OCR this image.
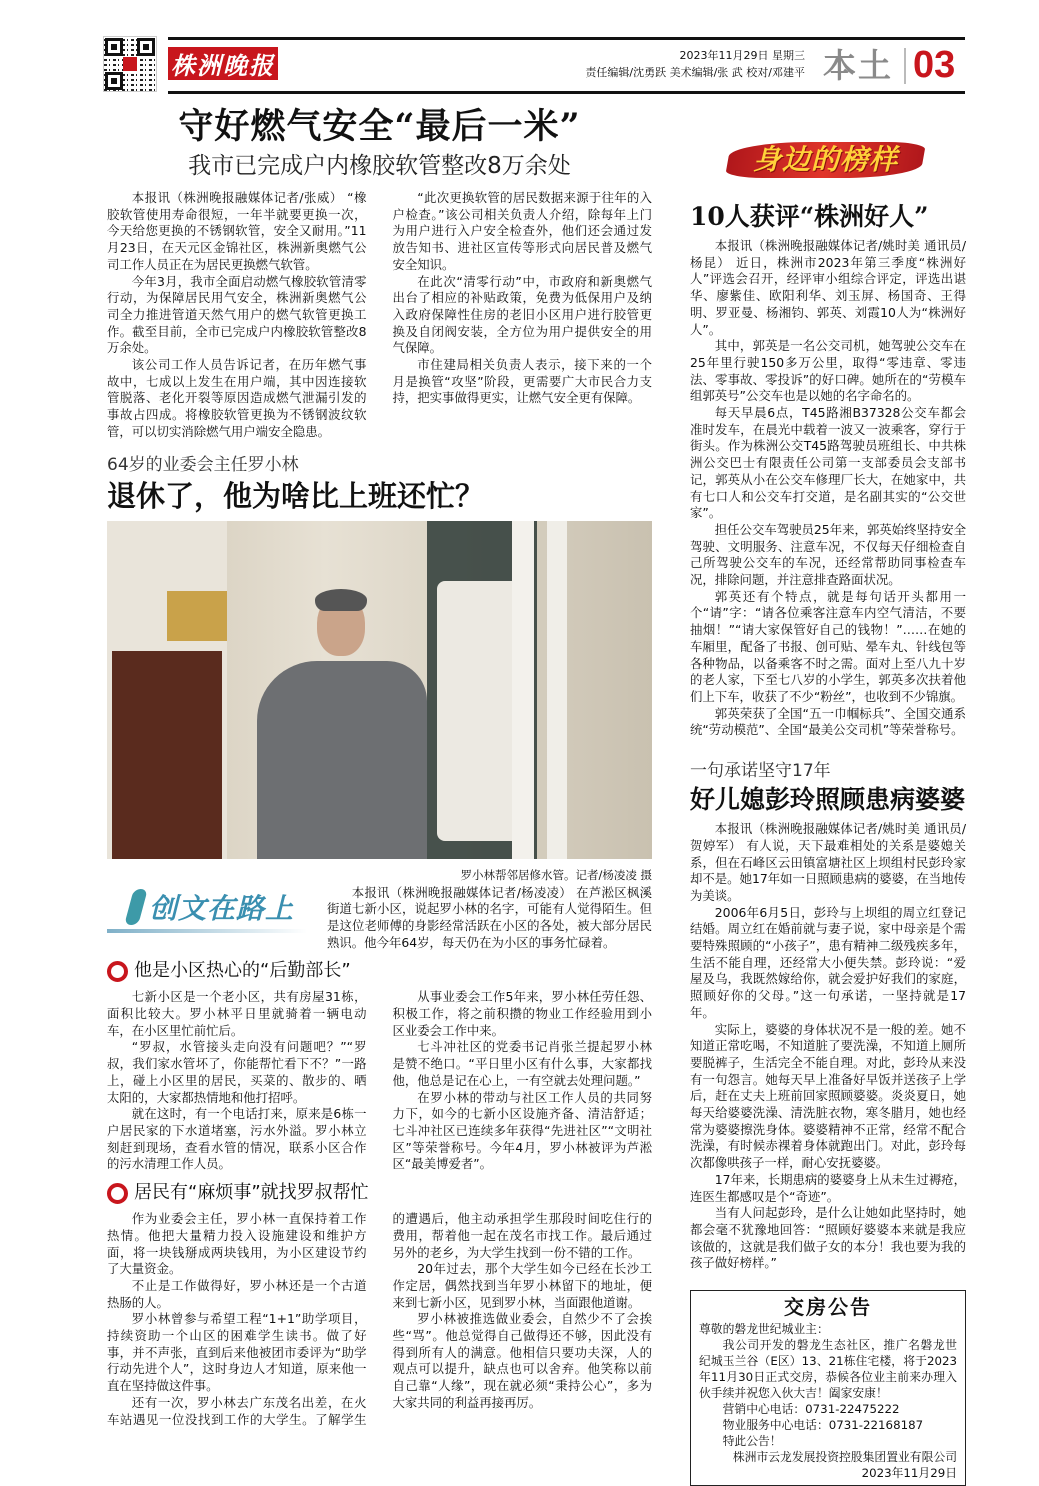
株洲晚报	2023年11月29日 星期三
责任编辑/沈勇跃 美术编辑/张 武 校对/邓建平 本土 03
守好燃气安全“最后一米”
我市已完成户内橡胶软管整改8万余处

本报讯（株洲晚报融媒体记者/张威） “橡胶软管使用寿命很短，一年半就要更换一次，今天给您更换的不锈钢软管，安全又耐用。”11月23日，在天元区金锦社区，株洲新奥燃气公司工作人员正在为居民更换燃气软管。

今年3月，我市全面启动燃气橡胶软管清零行动，为保障居民用气安全，株洲新奥燃气公司全力推进管道天然气用户的燃气软管更换工作。截至目前，全市已完成户内橡胶软管整改8万余处。

该公司工作人员告诉记者，在历年燃气事故中，七成以上发生在用户端，其中因连接软管脱落、老化开裂等原因造成燃气泄漏引发的事故占四成。将橡胶软管更换为不锈钢波纹软管，可以切实消除燃气用户端安全隐患。

“此次更换软管的居民数据来源于往年的入户检查。”该公司相关负责人介绍，除每年上门为用户进行入户安全检查外，他们还会通过发放告知书、进社区宣传等形式向居民普及燃气安全知识。

在此次“清零行动”中，市政府和新奥燃气出台了相应的补贴政策，免费为低保用户及纳入政府保障性住房的老旧小区用户进行胶管更换及自闭阀安装，全方位为用户提供安全的用气保障。

市住建局相关负责人表示，接下来的一个月是换管“攻坚”阶段，更需要广大市民合力支持，把实事做得更实，让燃气安全更有保障。

64岁的业委会主任罗小林
退休了，他为啥比上班还忙？
罗小林帮邻居修水管。记者/杨凌凌 摄
创文在路上	本报讯（株洲晚报融媒体记者/杨凌凌） 在芦淞区枫溪街道七新小区，说起罗小林的名字，可能有人觉得陌生。但是这位老师傅的身影经常活跃在小区的各处，被大部分居民熟识。他今年64岁，每天仍在为小区的事务忙碌着。

他是小区热心的“后勤部长”

七新小区是一个老小区，共有房屋31栋，面积比较大。罗小林平日里就骑着一辆电动车，在小区里忙前忙后。

“罗叔，水管接头走向没有问题吧？”“罗叔，我们家水管坏了，你能帮忙看下不？”一路上，碰上小区里的居民，买菜的、散步的、晒太阳的，大家都热情地和他打招呼。

就在这时，有一个电话打来，原来是6栋一户居民家的下水道堵塞，污水外溢。罗小林立刻赶到现场，查看水管的情况，联系小区合作的污水清理工作人员。

从事业委会工作5年来，罗小林任劳任怨、积极工作，将之前积攒的物业工作经验用到小区业委会工作中来。

七斗冲社区的党委书记肖张兰提起罗小林是赞不绝口。“平日里小区有什么事，大家都找他，他总是记在心上，一有空就去处理问题。”

在罗小林的带动与社区工作人员的共同努力下，如今的七新小区设施齐备、清洁舒适；七斗冲社区已连续多年获得“先进社区”“文明社区”等荣誉称号。今年4月，罗小林被评为芦淞区“最美博爱者”。

居民有“麻烦事”就找罗叔帮忙

作为业委会主任，罗小林一直保持着工作热情。他把大量精力投入设施建设和维护方面，将一块钱掰成两块钱用，为小区建设节约了大量资金。

不止是工作做得好，罗小林还是一个古道热肠的人。

罗小林曾参与希望工程“1+1”助学项目，持续资助一个山区的困难学生读书。做了好事，并不声张，直到后来他被团市委评为“助学行动先进个人”，这时身边人才知道，原来他一直在坚持做这件事。

还有一次，罗小林去广东茂名出差，在火车站遇见一位没找到工作的大学生。了解学生的遭遇后，他主动承担学生那段时间吃住行的费用，帮着他一起在茂名市找工作。最后通过另外的老乡，为大学生找到一份不错的工作。

20年过去，那个大学生如今已经在长沙工作定居，偶然找到当年罗小林留下的地址，便来到七新小区，见到罗小林，当面跟他道谢。

罗小林被推选做业委会，自然少不了会挨些“骂”。他总觉得自己做得还不够，因此没有得到所有人的满意。他相信只要功夫深，人的观点可以提升，缺点也可以舍弃。他笑称以前自己靠“人缘”，现在就必须“秉持公心”，多为大家共同的利益再接再厉。

身边的榜样
10人获评“株洲好人”

本报讯（株洲晚报融媒体记者/姚时美 通讯员/杨昆） 近日，株洲市2023年第三季度“株洲好人”评选会召开，经评审小组综合评定，评选出谌华、廖紫佳、欧阳利华、刘玉屏、杨国奇、王得明、罗亚曼、杨湘钧、郭英、刘霞10人为“株洲好人”。

其中，郭英是一名公交司机，她驾驶公交车在25年里行驶150多万公里，取得“零违章、零违法、零事故、零投诉”的好口碑。她所在的“劳模车组郭英号”公交车也是以她的名字命名的。

每天早晨6点，T45路湘B37328公交车都会准时发车，在晨光中载着一波又一波乘客，穿行于街头。作为株洲公交T45路驾驶员班组长、中共株洲公交巴士有限责任公司第一支部委员会支部书记，郭英从小在公交车修理厂长大，在她家中，共有七口人和公交车打交道，是名副其实的“公交世家”。

担任公交车驾驶员25年来，郭英始终坚持安全驾驶、文明服务、注意车况，不仅每天仔细检查自己所驾驶公交车的车况，还经常帮助同事检查车况，排除问题，并注意排查路面状况。

郭英还有个特点，就是每句话开头都用一个“请”字：“请各位乘客注意车内空气清洁，不要抽烟！”“请大家保管好自己的钱物！”……在她的车厢里，配备了书报、创可贴、晕车丸、针线包等各种物品，以备乘客不时之需。面对上至八九十岁的老人家，下至七八岁的小学生，郭英多次扶着他们上下车，收获了不少“粉丝”，也收到不少锦旗。

郭英荣获了全国“五一巾帼标兵”、全国交通系统“劳动模范”、全国“最美公交司机”等荣誉称号。

一句承诺坚守17年
好儿媳彭玲照顾患病婆婆

本报讯（株洲晚报融媒体记者/姚时美 通讯员/贺婷军） 有人说，天下最难相处的关系是婆媳关系，但在石峰区云田镇富塘社区上坝组村民彭玲家却不是。她17年如一日照顾患病的婆婆，在当地传为美谈。

2006年6月5日，彭玲与上坝组的周立红登记结婚。周立红在婚前就与妻子说，家中母亲是个需要特殊照顾的“小孩子”，患有精神二级残疾多年，生活不能自理，还经常大小便失禁。彭玲说：“爱屋及乌，我既然嫁给你，就会爱护好我们的家庭，照顾好你的父母。”这一句承诺，一坚持就是17年。

实际上，婆婆的身体状况不是一般的差。她不知道正常吃喝，不知道脏了要洗澡，不知道上厕所要脱裤子，生活完全不能自理。对此，彭玲从来没有一句怨言。她每天早上准备好早饭并送孩子上学后，赶在丈夫上班前回家照顾婆婆。炎炎夏日，她每天给婆婆洗澡、清洗脏衣物，寒冬腊月，她也经常为婆婆擦洗身体。婆婆精神不正常，经常不配合洗澡，有时候赤裸着身体就跑出门。对此，彭玲每次都像哄孩子一样，耐心安抚婆婆。

17年来，长期患病的婆婆身上从未生过褥疮，连医生都感叹是个“奇迹”。

当有人问起彭玲，是什么让她如此坚持时，她都会毫不犹豫地回答：“照顾好婆婆本来就是我应该做的，这就是我们做子女的本分！我也要为我的孩子做好榜样。”

交房公告
尊敬的磐龙世纪城业主：
我公司开发的磐龙生态社区，推广名磐龙世纪城玉兰谷（E区）13、21栋住宅楼，将于2023年11月30日正式交房，恭候各位业主前来办理入伙手续并祝您入伙大吉！阖家安康！
营销中心电话：0731-22475222
物业服务中心电话：0731-22168187
特此公告！
株洲市云龙发展投资控股集团置业有限公司
2023年11月29日
